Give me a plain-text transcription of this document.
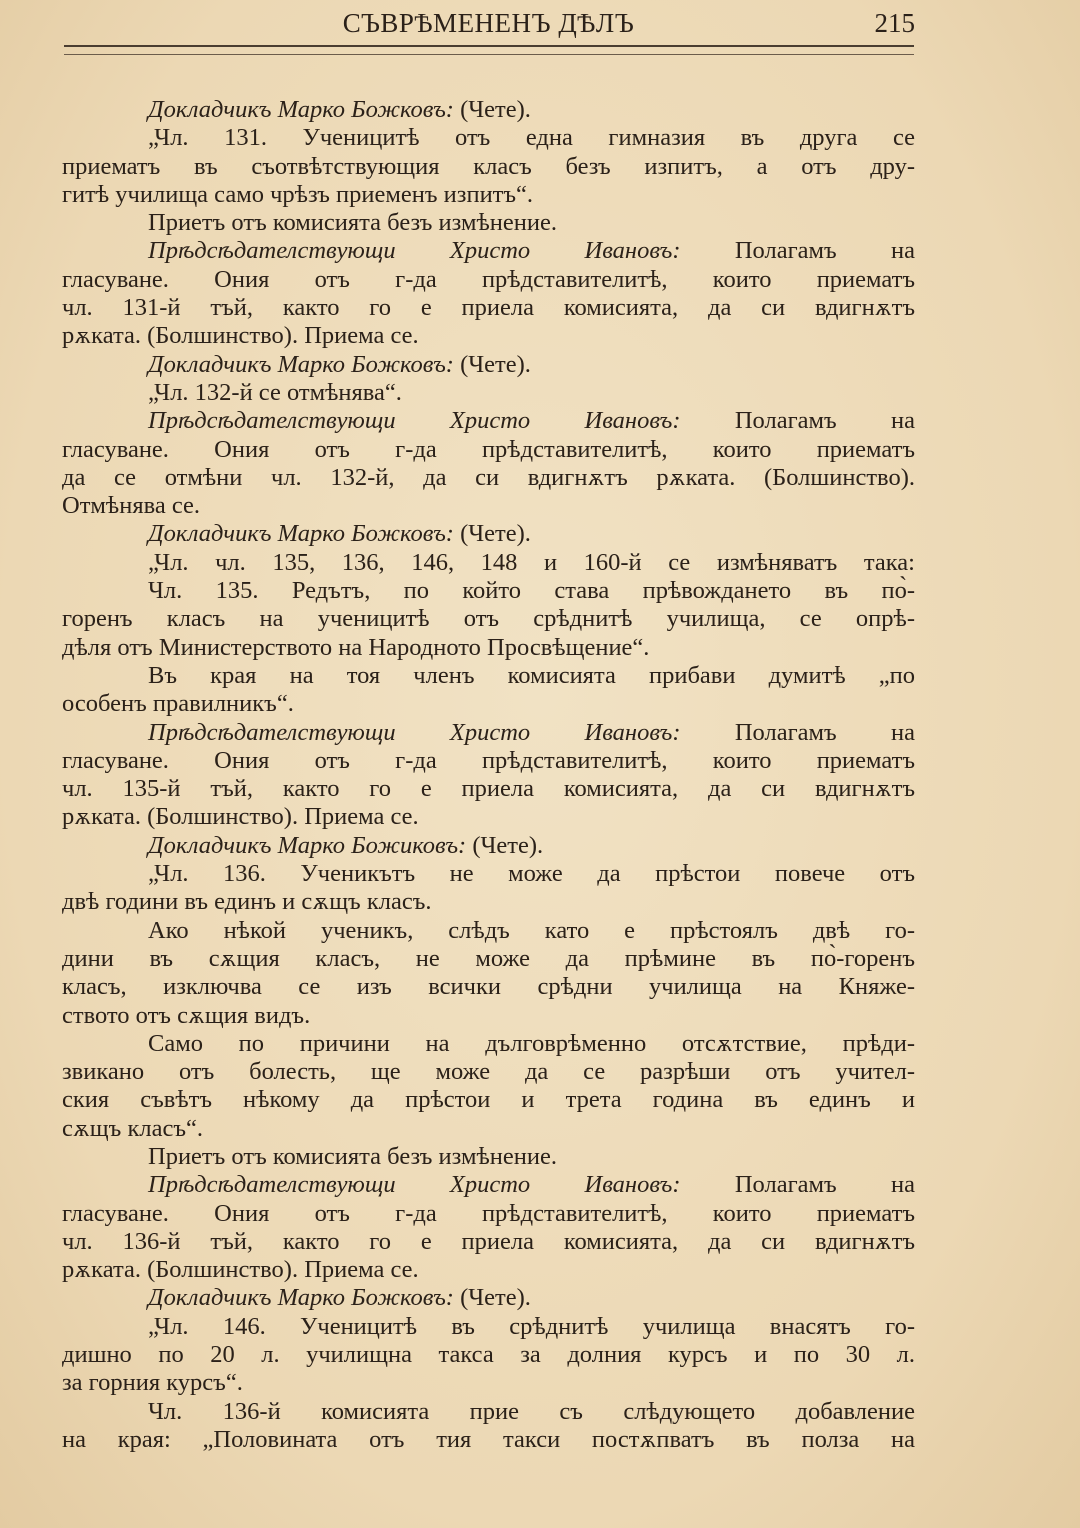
СЪВРѢМЕНЕНЪ ДѢЛЪ	215
Докладчикъ Марко Божковъ: (Чете).
„Чл. 131. Ученицитѣ отъ една гимназия въ друга се
приематъ въ съотвѣтствующия класъ безъ изпитъ, а отъ дру-
гитѣ училища само чрѣзъ приеменъ изпитъ“.
Приетъ отъ комисията безъ измѣнение.
Прѣдсѣдателствующи Христо Ивановъ: Полагамъ на
гласуване. Ония отъ г-да прѣдставителитѣ, които приематъ
чл. 131-й тъй, както го е приела комисията, да си вдигнѫтъ
рѫката. (Болшинство). Приема се.
Докладчикъ Марко Божковъ: (Чете).
„Чл. 132-й се отмѣнява“.
Прѣдсѣдателствующи Христо Ивановъ: Полагамъ на
гласуване. Ония отъ г-да прѣдставителитѣ, които приематъ
да се отмѣни чл. 132-й, да си вдигнѫтъ рѫката. (Болшинство).
Отмѣнява се.
Докладчикъ Марко Божковъ: (Чете).
„Чл. чл. 135, 136, 146, 148 и 160-й се измѣняватъ така:
Чл. 135. Редътъ, по който става прѣвождането въ по̀-
горенъ класъ на ученицитѣ отъ срѣднитѣ училища, се опрѣ-
дѣля отъ Министерството на Народното Просвѣщение“.
Въ края на тоя членъ комисията прибави думитѣ „по
особенъ правилникъ“.
Прѣдсѣдателствующи Христо Ивановъ: Полагамъ на
гласуване. Ония отъ г-да прѣдставителитѣ, които приематъ
чл. 135-й тъй, както го е приела комисията, да си вдигнѫтъ
рѫката. (Болшинство). Приема се.
Докладчикъ Марко Божиковъ: (Чете).
„Чл. 136. Ученикътъ не може да прѣстои повече отъ
двѣ години въ единъ и сѫщъ класъ.
Ако нѣкой ученикъ, слѣдъ като е прѣстоялъ двѣ го-
дини въ сѫщия класъ, не може да прѣмине въ по̀-горенъ
класъ, изключва се изъ всички срѣдни училища на Княже-
ството отъ сѫщия видъ.
Само по причини на дълговрѣменно отсѫтствие, прѣди-
звикано отъ болесть, ще може да се разрѣши отъ учител-
ския съвѣтъ нѣкому да прѣстои и трета година въ единъ и
сѫщъ класъ“.
Приетъ отъ комисията безъ измѣнение.
Прѣдсѣдателствующи Христо Ивановъ: Полагамъ на
гласуване. Ония отъ г-да прѣдставителитѣ, които приематъ
чл. 136-й тъй, както го е приела комисията, да си вдигнѫтъ
рѫката. (Болшинство). Приема се.
Докладчикъ Марко Божковъ: (Чете).
„Чл. 146. Ученицитѣ въ срѣднитѣ училища внасятъ го-
дишно по 20 л. училищна такса за долния курсъ и по 30 л.
за горния курсъ“.
Чл. 136-й комисията прие съ слѣдующето добавление
на края: „Половината отъ тия такси постѫпватъ въ полза на
